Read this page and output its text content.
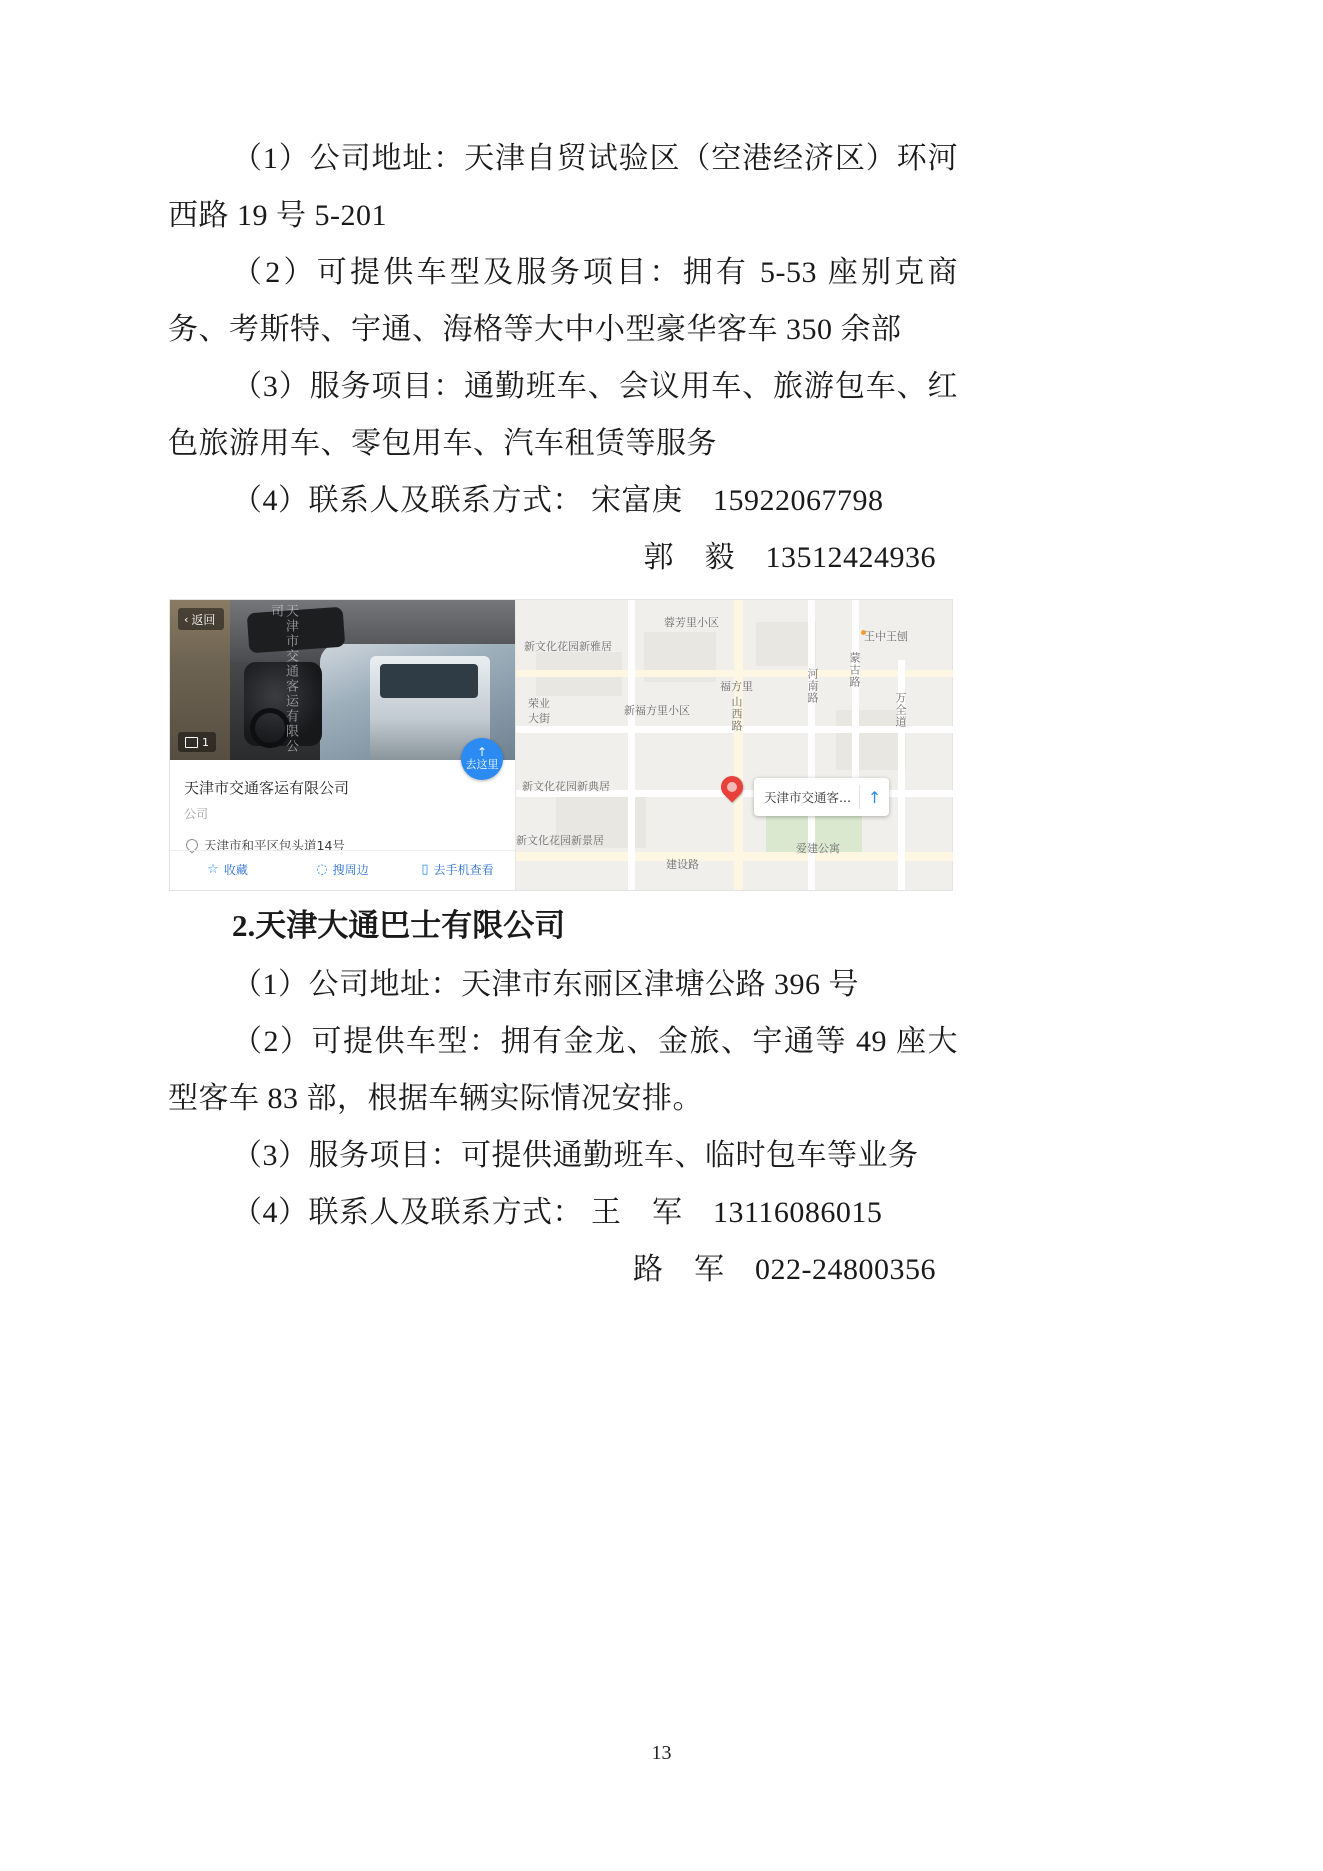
（1）公司地址：天津自贸试验区（空港经济区）环河西路 19 号 5-201

（2）可提供车型及服务项目：拥有 5-53 座别克商务、考斯特、宇通、海格等大中小型豪华客车 350 余部

（3）服务项目：通勤班车、会议用车、旅游包车、红色旅游用车、零包用车、汽车租赁等服务

（4）联系人及联系方式： 宋富庚　15922067798

郭　毅　13512424936

天津市交通客运有限公司
‹ 返回
1
↑
去这里
天津市交通客运有限公司
公司
天津市和平区包头道14号
☆ 收藏	◌ 搜周边	▯ 去手机查看
蓉芳里小区
王中王刨
新文化花园新雅居
蒙古路
福方里	河南路
新福方里小区
荣业大街	山西路	万全道
新文化花园新典居
新文化花园新景居
爱建公寓
建设路
天津市交通客... ↑

2.天津大通巴士有限公司

（1）公司地址：天津市东丽区津塘公路 396 号

（2）可提供车型：拥有金龙、金旅、宇通等 49 座大型客车 83 部，根据车辆实际情况安排。

（3）服务项目：可提供通勤班车、临时包车等业务

（4）联系人及联系方式： 王　军　13116086015

路　军　022-24800356

13
